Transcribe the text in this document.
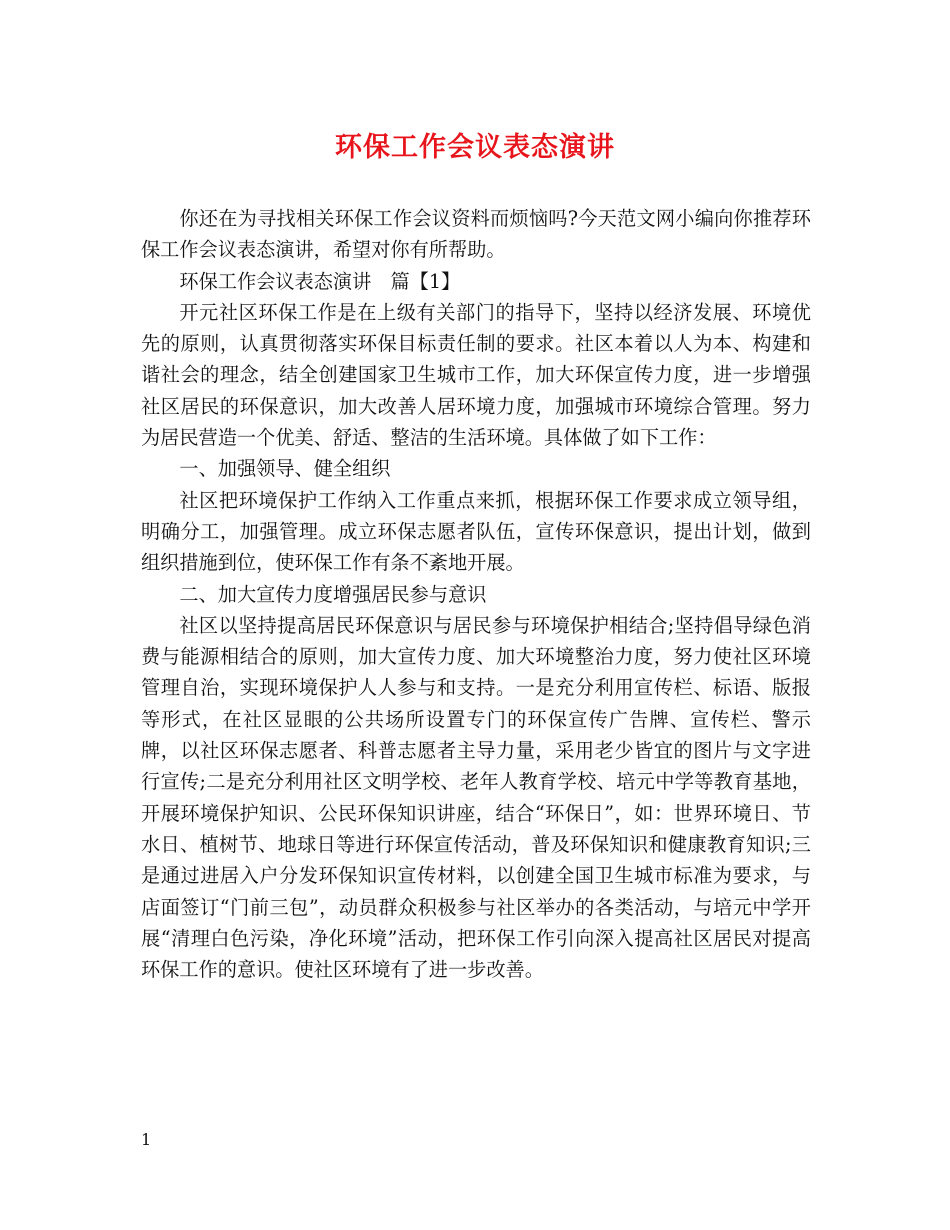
环保工作会议表态演讲

你还在为寻找相关环保工作会议资料而烦恼吗?今天范文网小编向你推荐环保工作会议表态演讲，希望对你有所帮助。

环保工作会议表态演讲　篇【1】

开元社区环保工作是在上级有关部门的指导下，坚持以经济发展、环境优先的原则，认真贯彻落实环保目标责任制的要求。社区本着以人为本、构建和谐社会的理念，结全创建国家卫生城市工作，加大环保宣传力度，进一步增强社区居民的环保意识，加大改善人居环境力度，加强城市环境综合管理。努力为居民营造一个优美、舒适、整洁的生活环境。具体做了如下工作：

一、加强领导、健全组织

社区把环境保护工作纳入工作重点来抓，根据环保工作要求成立领导组，明确分工，加强管理。成立环保志愿者队伍，宣传环保意识，提出计划，做到组织措施到位，使环保工作有条不紊地开展。

二、加大宣传力度增强居民参与意识

社区以坚持提高居民环保意识与居民参与环境保护相结合;坚持倡导绿色消费与能源相结合的原则，加大宣传力度、加大环境整治力度，努力使社区环境管理自治，实现环境保护人人参与和支持。一是充分利用宣传栏、标语、版报等形式，在社区显眼的公共场所设置专门的环保宣传广告牌、宣传栏、警示牌，以社区环保志愿者、科普志愿者主导力量，采用老少皆宜的图片与文字进行宣传;二是充分利用社区文明学校、老年人教育学校、培元中学等教育基地，开展环境保护知识、公民环保知识讲座，结合“环保日”，如：世界环境日、节水日、植树节、地球日等进行环保宣传活动，普及环保知识和健康教育知识;三是通过进居入户分发环保知识宣传材料，以创建全国卫生城市标准为要求，与店面签订“门前三包”，动员群众积极参与社区举办的各类活动，与培元中学开展“清理白色污染，净化环境”活动，把环保工作引向深入提高社区居民对提高环保工作的意识。使社区环境有了进一步改善。

1
